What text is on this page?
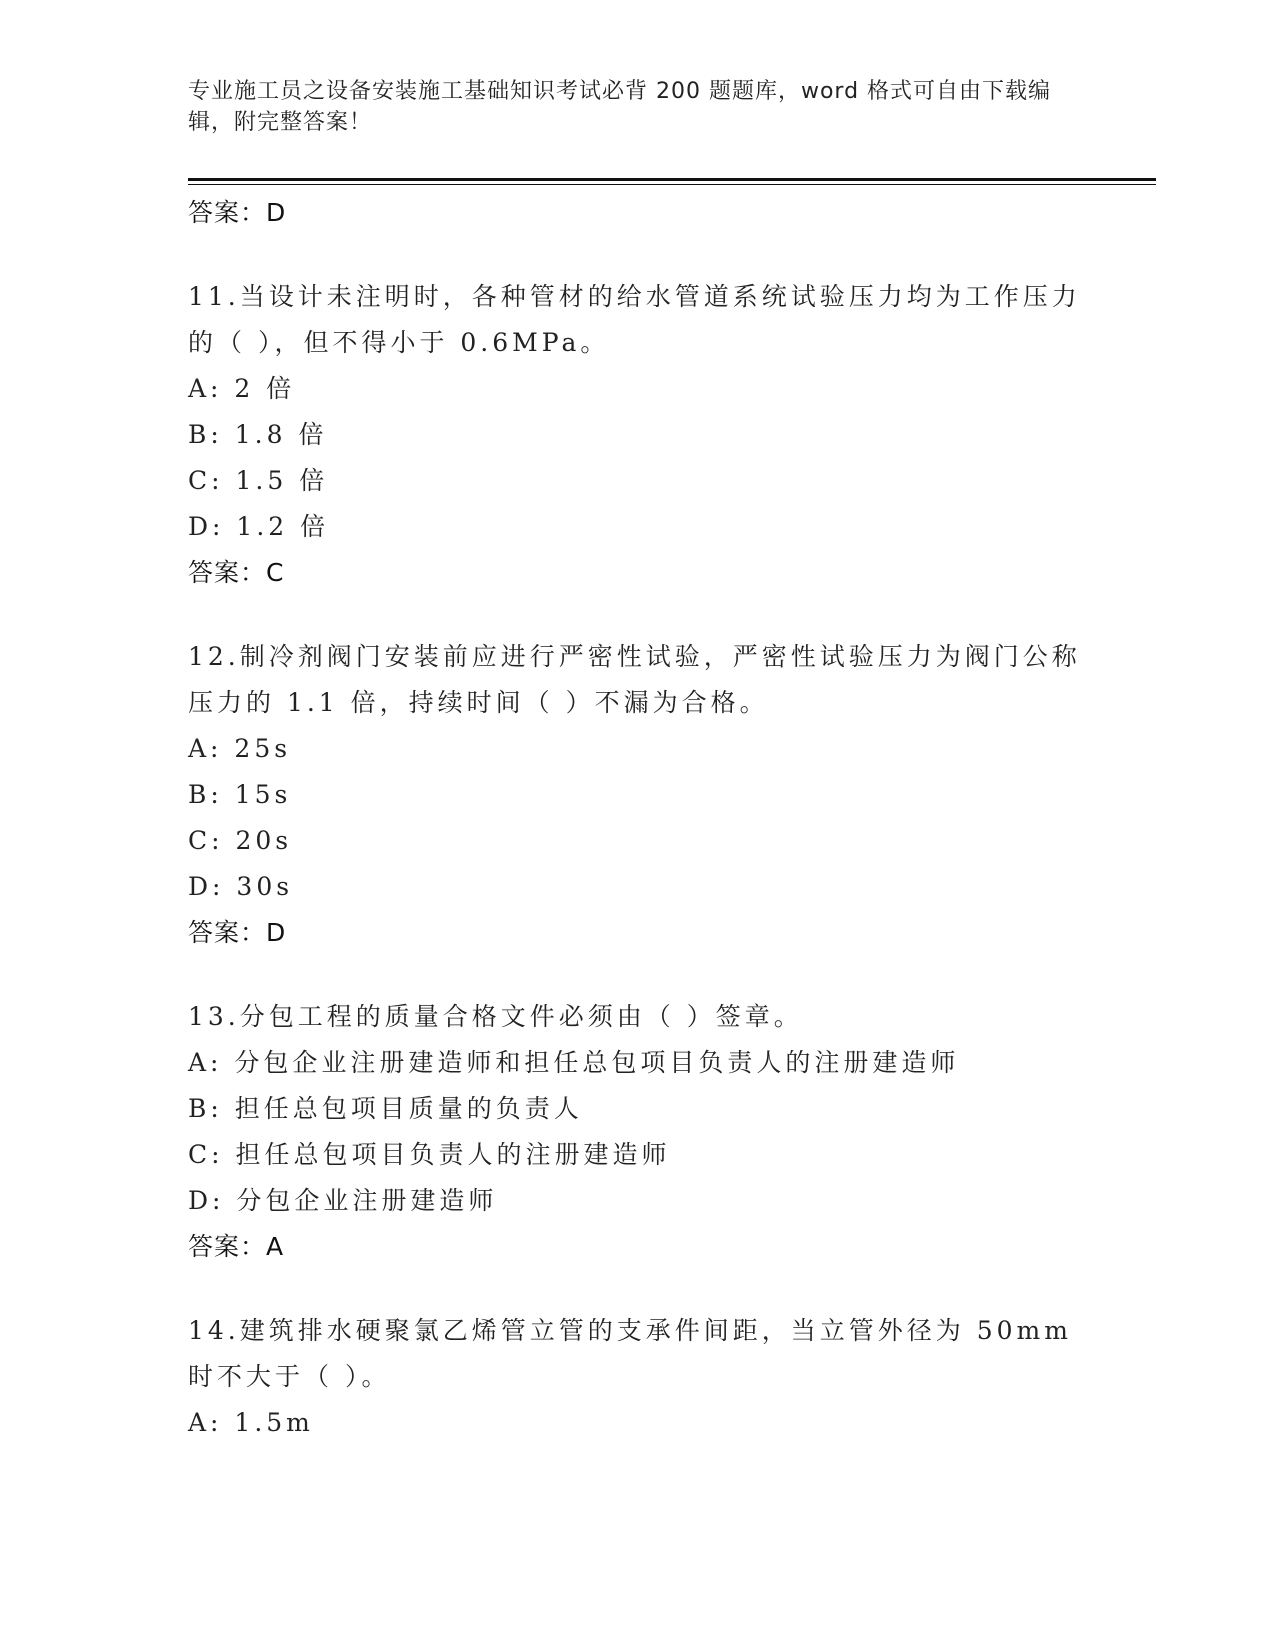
专业施工员之设备安装施工基础知识考试必背 200 题题库，word 格式可自由下载编辑，附完整答案！

答案：D

11.当设计未注明时，各种管材的给水管道系统试验压力均为工作压力的（ ），但不得小于 0.6MPa。

A: 2 倍

B: 1.8 倍

C: 1.5 倍

D: 1.2 倍

答案：C

12.制冷剂阀门安装前应进行严密性试验，严密性试验压力为阀门公称压力的 1.1 倍，持续时间（ ）不漏为合格。

A: 25s

B: 15s

C: 20s

D: 30s

答案：D

13.分包工程的质量合格文件必须由（ ）签章。

A: 分包企业注册建造师和担任总包项目负责人的注册建造师

B: 担任总包项目质量的负责人

C: 担任总包项目负责人的注册建造师

D: 分包企业注册建造师

答案：A

14.建筑排水硬聚氯乙烯管立管的支承件间距，当立管外径为 50mm 时不大于（ ）。

A: 1.5m
